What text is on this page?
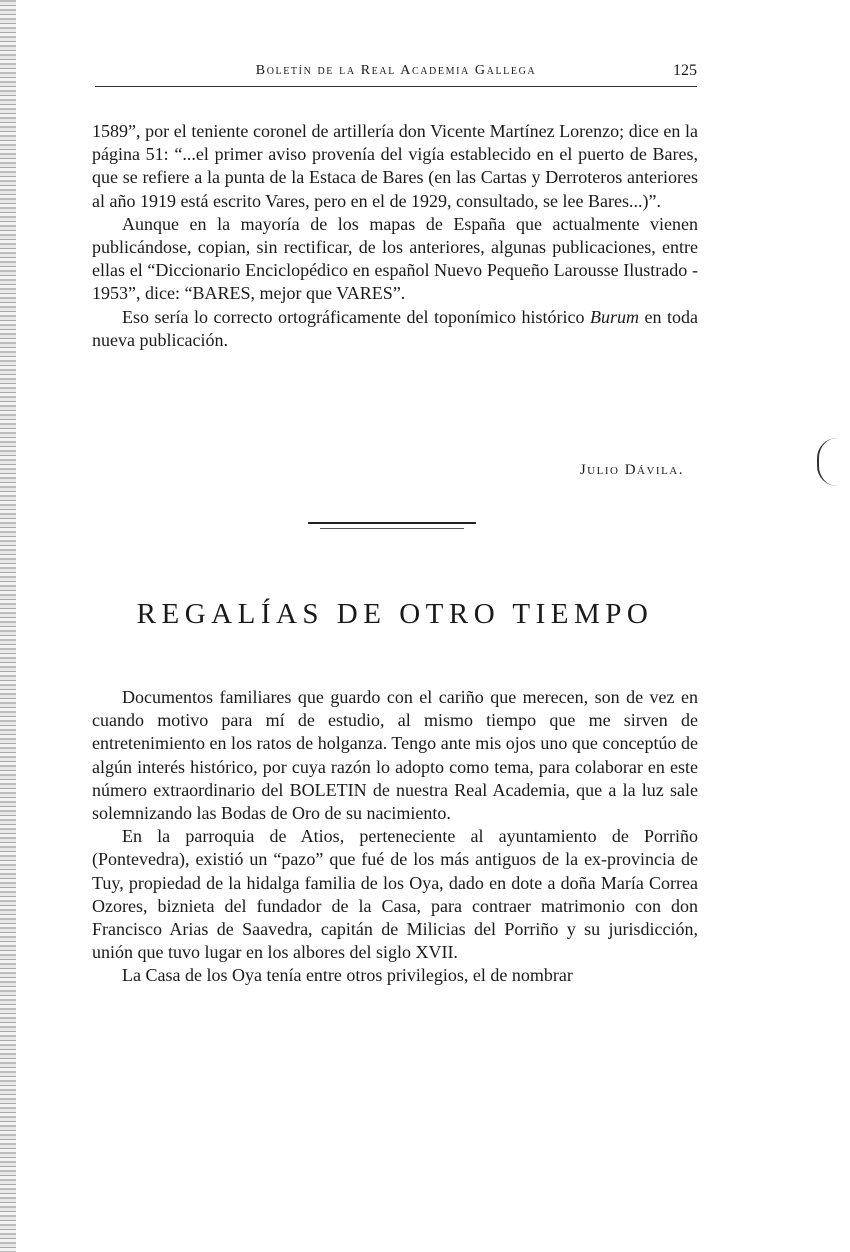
Boletín de la Real Academia Gallega	125

1589”, por el teniente coronel de artillería don Vicente Martínez Lorenzo; dice en la página 51: “...el primer aviso provenía del vigía establecido en el puerto de Bares, que se refiere a la punta de la Estaca de Bares (en las Cartas y Derroteros anteriores al año 1919 está escrito Vares, pero en el de 1929, consultado, se lee Bares...)”.

Aunque en la mayoría de los mapas de España que actualmente vienen publicándose, copian, sin rectificar, de los anteriores, algunas publicaciones, entre ellas el “Diccionario Enciclopédico en español Nuevo Pequeño Larousse Ilustrado - 1953”, dice: “BARES, mejor que VARES”.

Eso sería lo correcto ortográficamente del toponímico histórico Burum en toda nueva publicación.

Julio Dávila.
REGALÍAS DE OTRO TIEMPO

Documentos familiares que guardo con el cariño que merecen, son de vez en cuando motivo para mí de estudio, al mismo tiempo que me sirven de entretenimiento en los ratos de holganza. Tengo ante mis ojos uno que conceptúo de algún interés histórico, por cuya razón lo adopto como tema, para colaborar en este número extraordinario del BOLETIN de nuestra Real Academia, que a la luz sale solemnizando las Bodas de Oro de su nacimiento.

En la parroquia de Atios, perteneciente al ayuntamiento de Porriño (Pontevedra), existió un “pazo” que fué de los más antiguos de la ex-provincia de Tuy, propiedad de la hidalga familia de los Oya, dado en dote a doña María Correa Ozores, biznieta del fundador de la Casa, para contraer matrimonio con don Francisco Arias de Saavedra, capitán de Milicias del Porriño y su jurisdicción, unión que tuvo lugar en los albores del siglo XVII.

La Casa de los Oya tenía entre otros privilegios, el de nombrar
